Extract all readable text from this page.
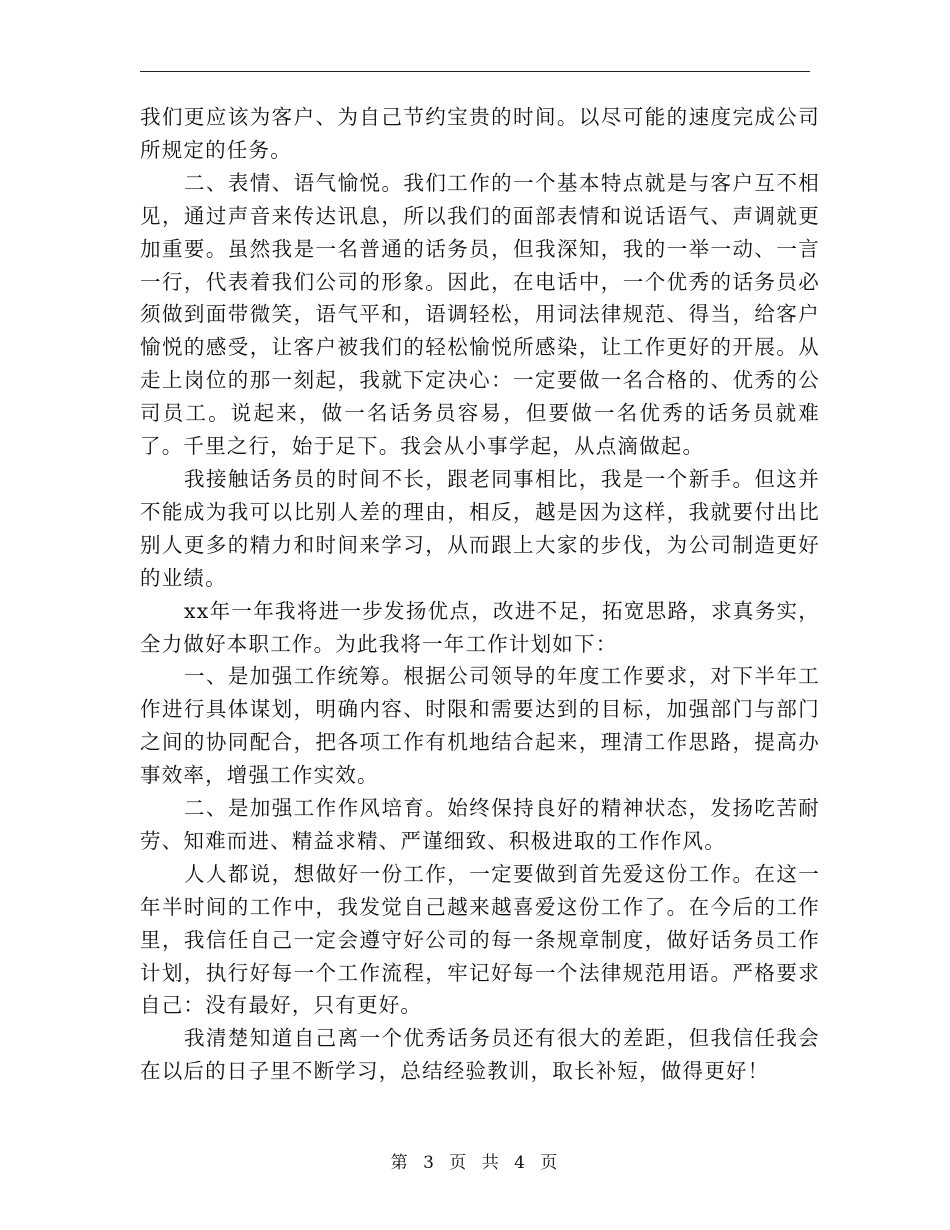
我们更应该为客户、为自己节约宝贵的时间。以尽可能的速度完成公司所规定的任务。

二、表情、语气愉悦。我们工作的一个基本特点就是与客户互不相见，通过声音来传达讯息，所以我们的面部表情和说话语气、声调就更加重要。虽然我是一名普通的话务员，但我深知，我的一举一动、一言一行，代表着我们公司的形象。因此，在电话中，一个优秀的话务员必须做到面带微笑，语气平和，语调轻松，用词法律规范、得当，给客户愉悦的感受，让客户被我们的轻松愉悦所感染，让工作更好的开展。从走上岗位的那一刻起，我就下定决心：一定要做一名合格的、优秀的公司员工。说起来，做一名话务员容易，但要做一名优秀的话务员就难了。千里之行，始于足下。我会从小事学起，从点滴做起。

我接触话务员的时间不长，跟老同事相比，我是一个新手。但这并不能成为我可以比别人差的理由，相反，越是因为这样，我就要付出比别人更多的精力和时间来学习，从而跟上大家的步伐，为公司制造更好的业绩。

xx年一年我将进一步发扬优点，改进不足，拓宽思路，求真务实，全力做好本职工作。为此我将一年工作计划如下：

一、是加强工作统筹。根据公司领导的年度工作要求，对下半年工作进行具体谋划，明确内容、时限和需要达到的目标，加强部门与部门之间的协同配合，把各项工作有机地结合起来，理清工作思路，提高办事效率，增强工作实效。

二、是加强工作作风培育。始终保持良好的精神状态，发扬吃苦耐劳、知难而进、精益求精、严谨细致、积极进取的工作作风。

人人都说，想做好一份工作，一定要做到首先爱这份工作。在这一年半时间的工作中，我发觉自己越来越喜爱这份工作了。在今后的工作里，我信任自己一定会遵守好公司的每一条规章制度，做好话务员工作计划，执行好每一个工作流程，牢记好每一个法律规范用语。严格要求自己：没有最好，只有更好。

我清楚知道自己离一个优秀话务员还有很大的差距，但我信任我会在以后的日子里不断学习，总结经验教训，取长补短，做得更好！

第 3 页 共 4 页
